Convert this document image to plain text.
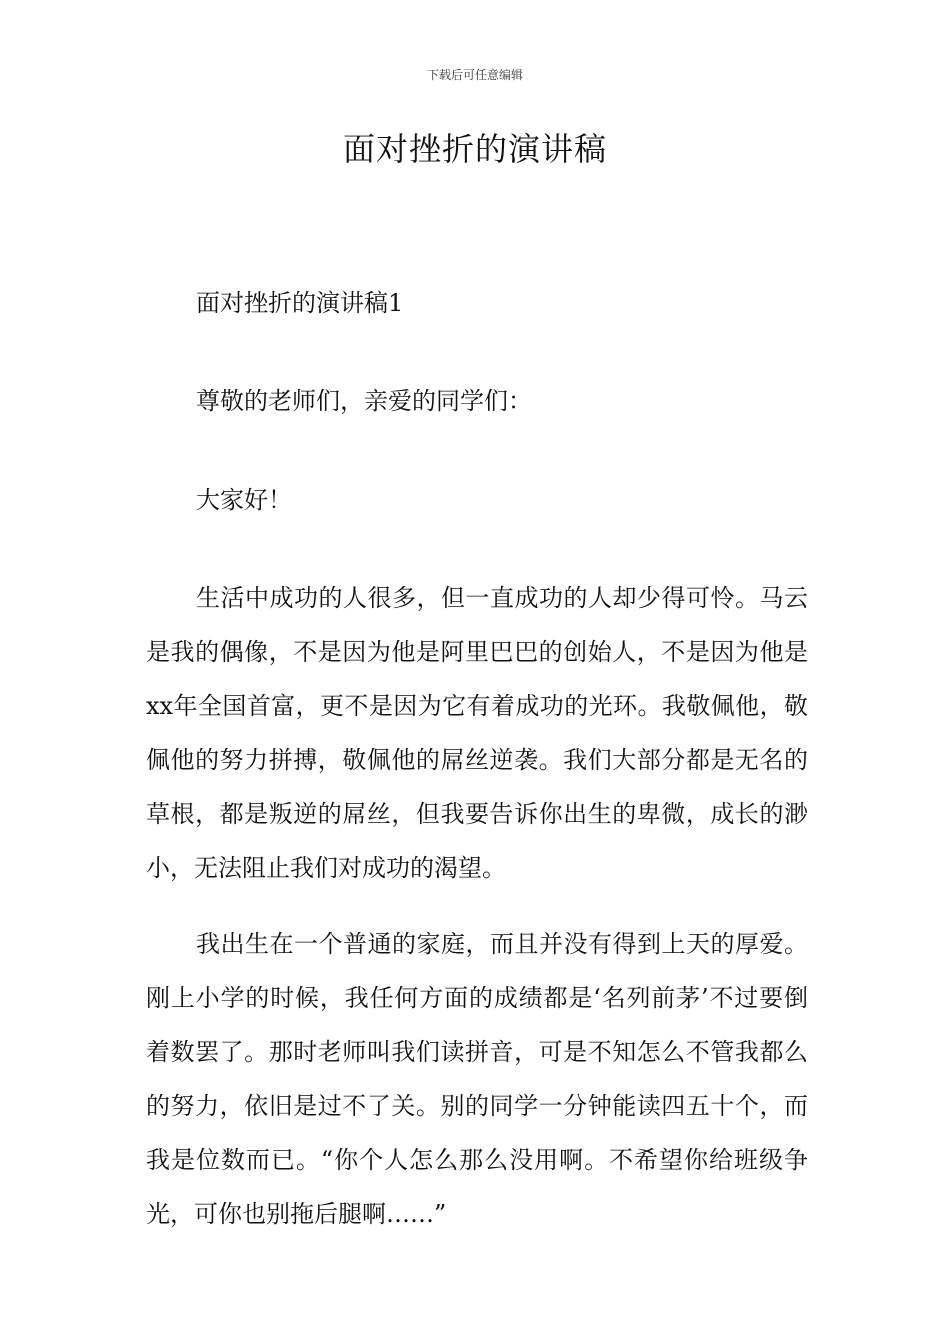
下载后可任意编辑
面对挫折的演讲稿

面对挫折的演讲稿1

尊敬的老师们，亲爱的同学们：

大家好！

生活中成功的人很多，但一直成功的人却少得可怜。马云是我的偶像，不是因为他是阿里巴巴的创始人，不是因为他是xx年全国首富，更不是因为它有着成功的光环。我敬佩他，敬佩他的努力拼搏，敬佩他的屌丝逆袭。我们大部分都是无名的草根，都是叛逆的屌丝，但我要告诉你出生的卑微，成长的渺小，无法阻止我们对成功的渴望。

我出生在一个普通的家庭，而且并没有得到上天的厚爱。刚上小学的时候，我任何方面的成绩都是‘名列前茅’不过要倒着数罢了。那时老师叫我们读拼音，可是不知怎么不管我都么的努力，依旧是过不了关。别的同学一分钟能读四五十个，而我是位数而已。“你个人怎么那么没用啊。不希望你给班级争光，可你也别拖后腿啊……”
